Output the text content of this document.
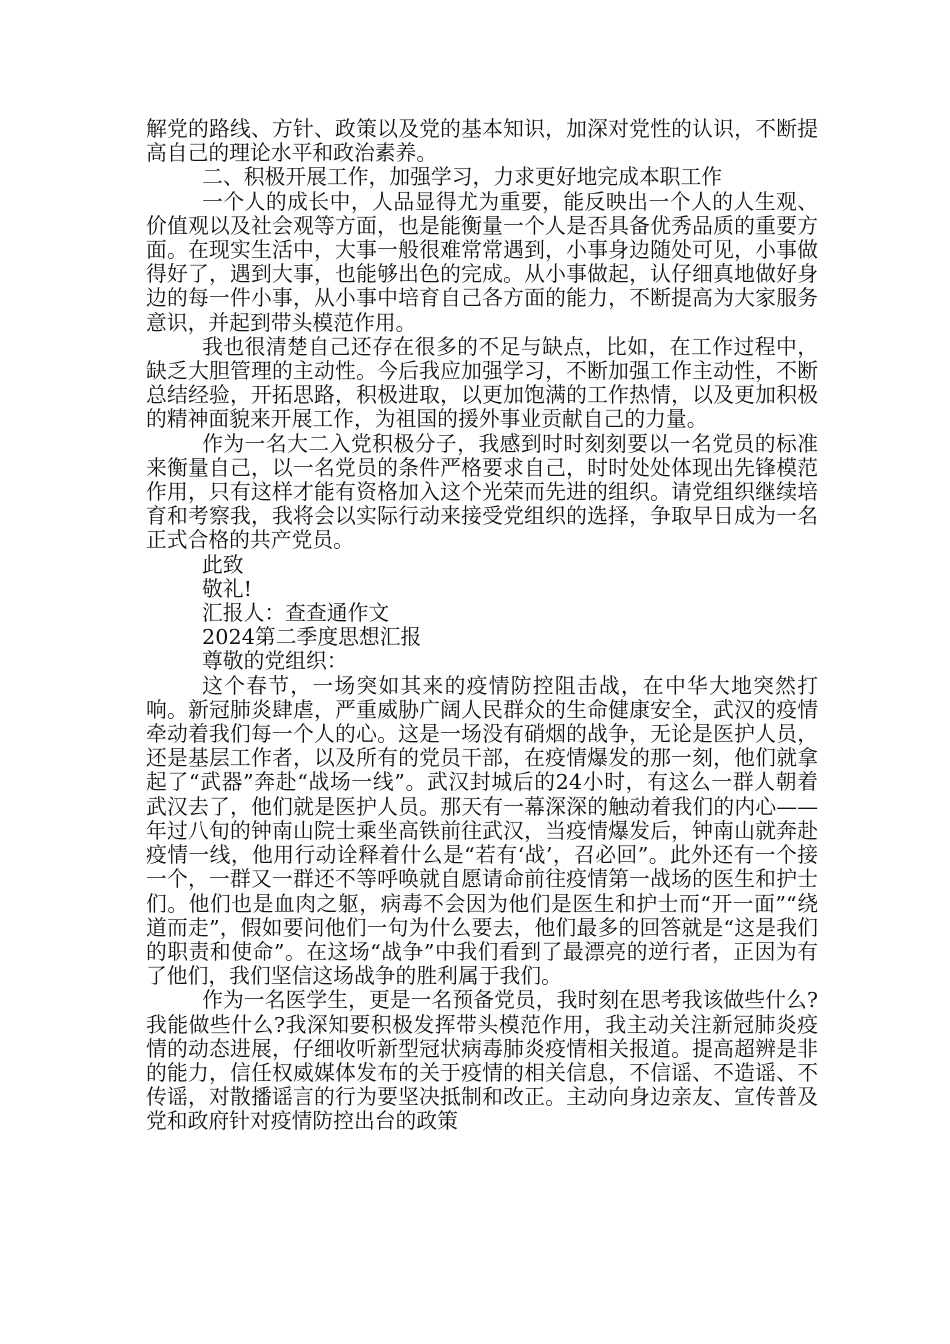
解党的路线、方针、政策以及党的基本知识，加深对党性的认识，不断提高自己的理论水平和政治素养。

二、积极开展工作，加强学习，力求更好地完成本职工作

一个人的成长中，人品显得尤为重要，能反映出一个人的人生观、价值观以及社会观等方面，也是能衡量一个人是否具备优秀品质的重要方面。在现实生活中，大事一般很难常常遇到，小事身边随处可见，小事做得好了，遇到大事，也能够出色的完成。从小事做起，认仔细真地做好身边的每一件小事，从小事中培育自己各方面的能力，不断提高为大家服务意识，并起到带头模范作用。

我也很清楚自己还存在很多的不足与缺点，比如，在工作过程中，缺乏大胆管理的主动性。今后我应加强学习，不断加强工作主动性，不断总结经验，开拓思路，积极进取，以更加饱满的工作热情，以及更加积极的精神面貌来开展工作，为祖国的援外事业贡献自己的力量。

作为一名大二入党积极分子，我感到时时刻刻要以一名党员的标准来衡量自己，以一名党员的条件严格要求自己，时时处处体现出先锋模范作用，只有这样才能有资格加入这个光荣而先进的组织。请党组织继续培育和考察我，我将会以实际行动来接受党组织的选择，争取早日成为一名正式合格的共产党员。

此致

敬礼!

汇报人：查查通作文

2024第二季度思想汇报

尊敬的党组织：

这个春节，一场突如其来的疫情防控阻击战，在中华大地突然打响。新冠肺炎肆虐，严重威胁广阔人民群众的生命健康安全，武汉的疫情牵动着我们每一个人的心。这是一场没有硝烟的战争，无论是医护人员，还是基层工作者，以及所有的党员干部，在疫情爆发的那一刻，他们就拿起了“武器”奔赴“战场一线”。武汉封城后的24小时，有这么一群人朝着武汉去了，他们就是医护人员。那天有一幕深深的触动着我们的内心——年过八旬的钟南山院士乘坐高铁前往武汉，当疫情爆发后，钟南山就奔赴疫情一线，他用行动诠释着什么是“若有‘战’，召必回”。此外还有一个接一个，一群又一群还不等呼唤就自愿请命前往疫情第一战场的医生和护士们。他们也是血肉之躯，病毒不会因为他们是医生和护士而“开一面”“绕道而走”，假如要问他们一句为什么要去，他们最多的回答就是“这是我们的职责和使命”。在这场“战争”中我们看到了最漂亮的逆行者，正因为有了他们，我们坚信这场战争的胜利属于我们。

作为一名医学生，更是一名预备党员，我时刻在思考我该做些什么?我能做些什么?我深知要积极发挥带头模范作用，我主动关注新冠肺炎疫情的动态进展，仔细收听新型冠状病毒肺炎疫情相关报道。提高超辨是非的能力，信任权威媒体发布的关于疫情的相关信息，不信谣、不造谣、不传谣，对散播谣言的行为要坚决抵制和改正。主动向身边亲友、宣传普及党和政府针对疫情防控出台的政策
